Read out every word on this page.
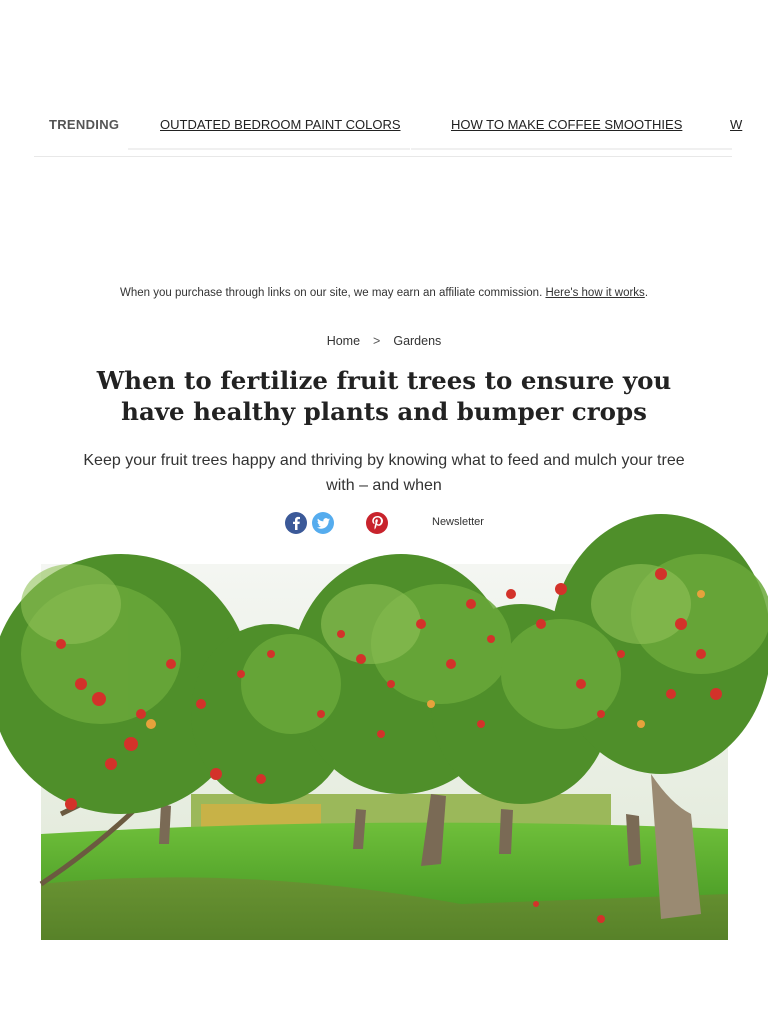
TRENDING	OUTDATED BEDROOM PAINT COLORS	HOW TO MAKE COFFEE SMOOTHIES	W
When you purchase through links on our site, we may earn an affiliate commission. Here's how it works.
Home > Gardens
When to fertilize fruit trees to ensure you have healthy plants and bumper crops

Keep your fruit trees happy and thriving by knowing what to feed and mulch your tree with – and when

Newsletter
